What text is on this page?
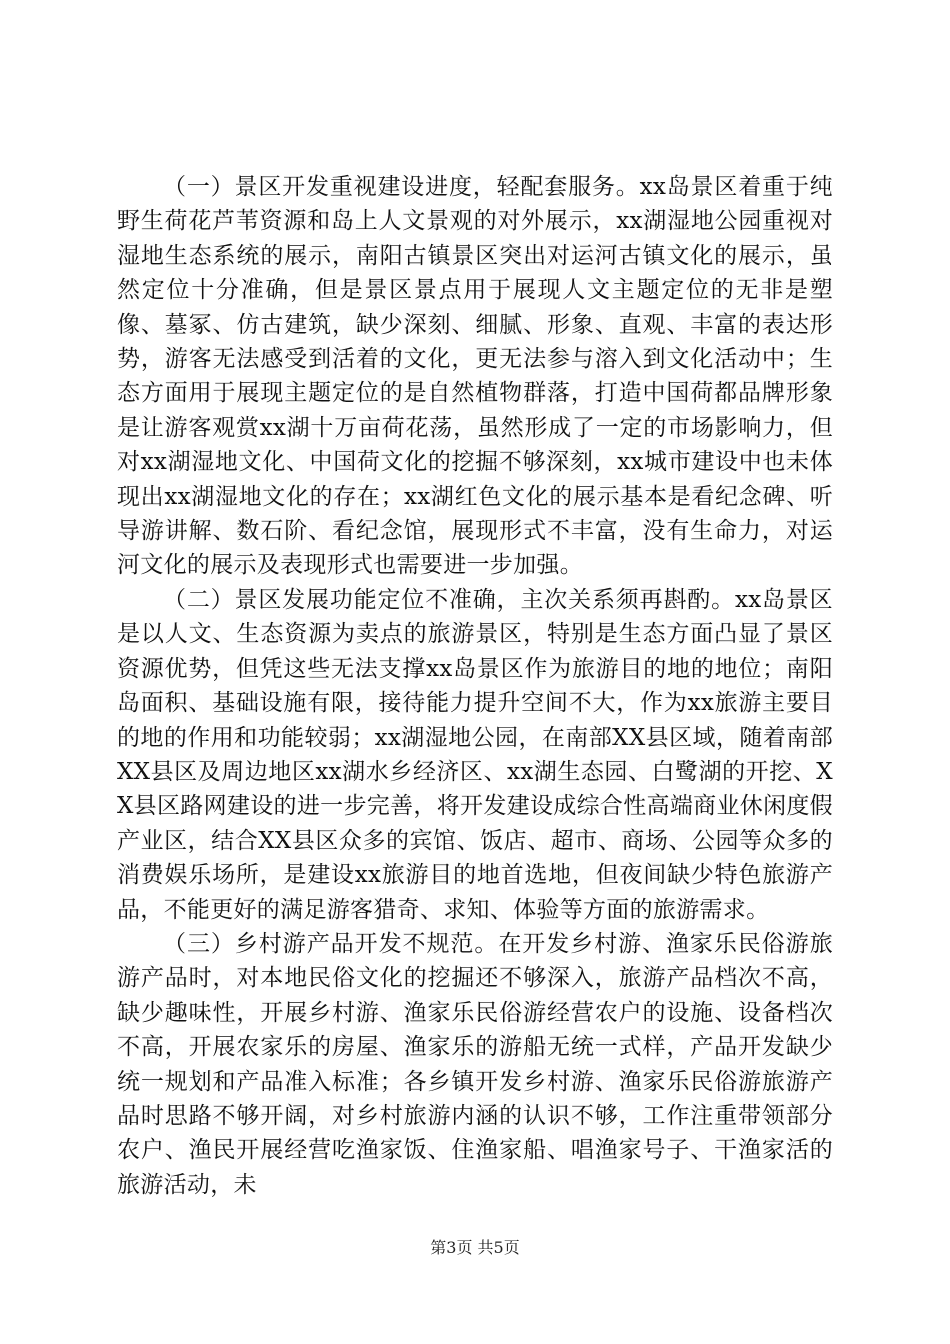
（一）景区开发重视建设进度，轻配套服务。xx岛景区着重于纯野生荷花芦苇资源和岛上人文景观的对外展示，xx湖湿地公园重视对湿地生态系统的展示，南阳古镇景区突出对运河古镇文化的展示，虽然定位十分准确，但是景区景点用于展现人文主题定位的无非是塑像、墓冢、仿古建筑，缺少深刻、细腻、形象、直观、丰富的表达形势，游客无法感受到活着的文化，更无法参与溶入到文化活动中；生态方面用于展现主题定位的是自然植物群落，打造中国荷都品牌形象是让游客观赏xx湖十万亩荷花荡，虽然形成了一定的市场影响力，但对xx湖湿地文化、中国荷文化的挖掘不够深刻，xx城市建设中也未体现出xx湖湿地文化的存在；xx湖红色文化的展示基本是看纪念碑、听导游讲解、数石阶、看纪念馆，展现形式不丰富，没有生命力，对运河文化的展示及表现形式也需要进一步加强。

（二）景区发展功能定位不准确，主次关系须再斟酌。xx岛景区是以人文、生态资源为卖点的旅游景区，特别是生态方面凸显了景区资源优势，但凭这些无法支撑xx岛景区作为旅游目的地的地位；南阳岛面积、基础设施有限，接待能力提升空间不大，作为xx旅游主要目的地的作用和功能较弱；xx湖湿地公园，在南部XX县区域，随着南部XX县区及周边地区xx湖水乡经济区、xx湖生态园、白鹭湖的开挖、XX县区路网建设的进一步完善，将开发建设成综合性高端商业休闲度假产业区，结合XX县区众多的宾馆、饭店、超市、商场、公园等众多的消费娱乐场所，是建设xx旅游目的地首选地，但夜间缺少特色旅游产品，不能更好的满足游客猎奇、求知、体验等方面的旅游需求。

（三）乡村游产品开发不规范。在开发乡村游、渔家乐民俗游旅游产品时，对本地民俗文化的挖掘还不够深入，旅游产品档次不高，缺少趣味性，开展乡村游、渔家乐民俗游经营农户的设施、设备档次不高，开展农家乐的房屋、渔家乐的游船无统一式样，产品开发缺少统一规划和产品准入标准；各乡镇开发乡村游、渔家乐民俗游旅游产品时思路不够开阔，对乡村旅游内涵的认识不够，工作注重带领部分农户、渔民开展经营吃渔家饭、住渔家船、唱渔家号子、干渔家活的旅游活动，未

第3页 共5页
